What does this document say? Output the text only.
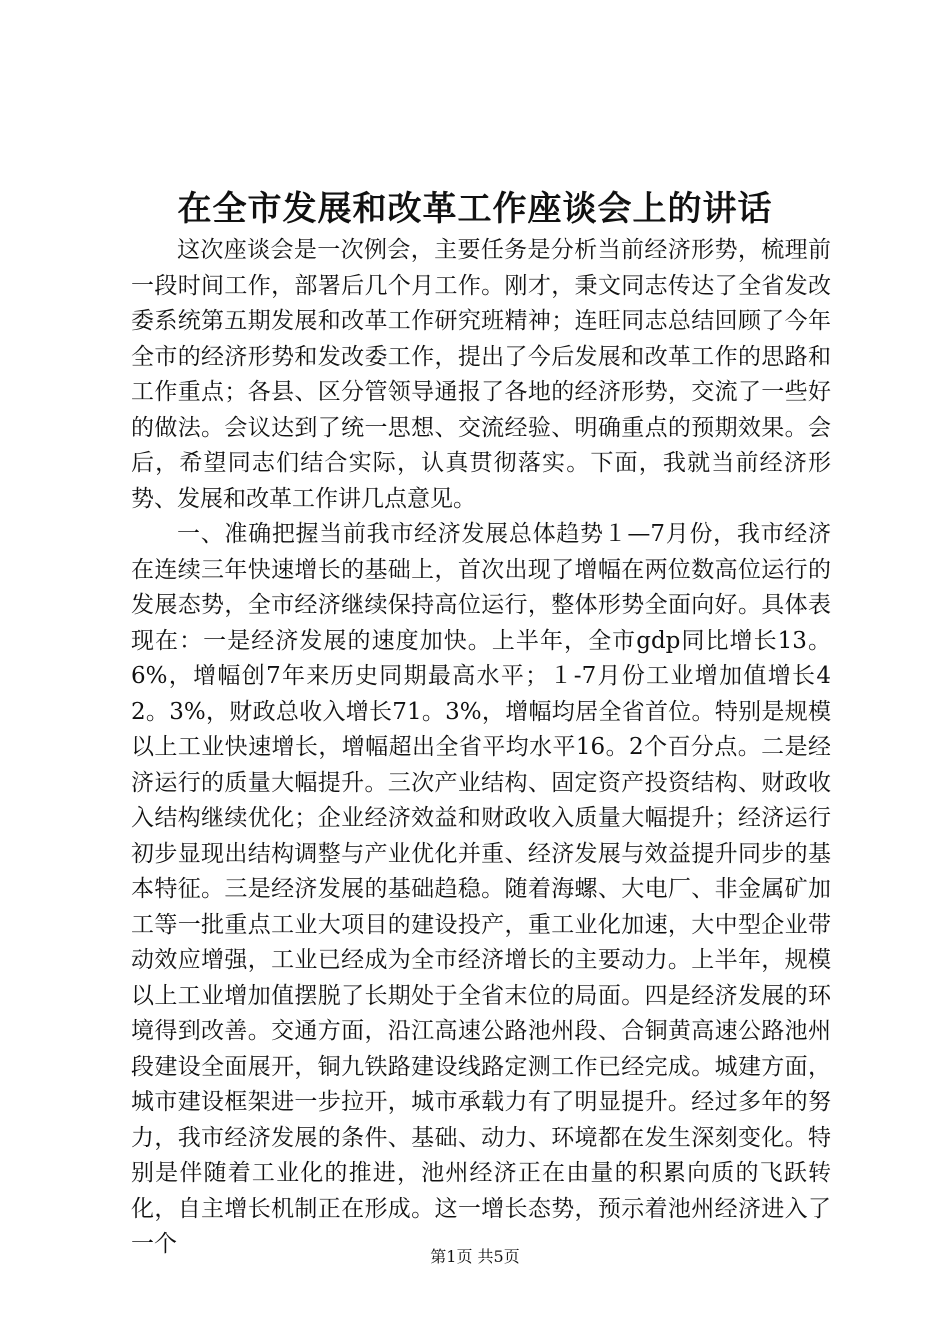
在全市发展和改革工作座谈会上的讲话

这次座谈会是一次例会，主要任务是分析当前经济形势，梳理前一段时间工作，部署后几个月工作。刚才，秉文同志传达了全省发改委系统第五期发展和改革工作研究班精神；连旺同志总结回顾了今年全市的经济形势和发改委工作，提出了今后发展和改革工作的思路和工作重点；各县、区分管领导通报了各地的经济形势，交流了一些好的做法。会议达到了统一思想、交流经验、明确重点的预期效果。会后，希望同志们结合实际，认真贯彻落实。下面，我就当前经济形势、发展和改革工作讲几点意见。

一、准确把握当前我市经济发展总体趋势１—7月份，我市经济在连续三年快速增长的基础上，首次出现了增幅在两位数高位运行的发展态势，全市经济继续保持高位运行，整体形势全面向好。具体表现在：一是经济发展的速度加快。上半年，全市gdp同比增长13。6%，增幅创7年来历史同期最高水平；１-7月份工业增加值增长42。3%，财政总收入增长71。3%，增幅均居全省首位。特别是规模以上工业快速增长，增幅超出全省平均水平16。2个百分点。二是经济运行的质量大幅提升。三次产业结构、固定资产投资结构、财政收入结构继续优化；企业经济效益和财政收入质量大幅提升；经济运行初步显现出结构调整与产业优化并重、经济发展与效益提升同步的基本特征。三是经济发展的基础趋稳。随着海螺、大电厂、非金属矿加工等一批重点工业大项目的建设投产，重工业化加速，大中型企业带动效应增强，工业已经成为全市经济增长的主要动力。上半年，规模以上工业增加值摆脱了长期处于全省末位的局面。四是经济发展的环境得到改善。交通方面，沿江高速公路池州段、合铜黄高速公路池州段建设全面展开，铜九铁路建设线路定测工作已经完成。城建方面，城市建设框架进一步拉开，城市承载力有了明显提升。经过多年的努力，我市经济发展的条件、基础、动力、环境都在发生深刻变化。特别是伴随着工业化的推进，池州经济正在由量的积累向质的飞跃转化，自主增长机制正在形成。这一增长态势，预示着池州经济进入了一个	第1页 共5页
